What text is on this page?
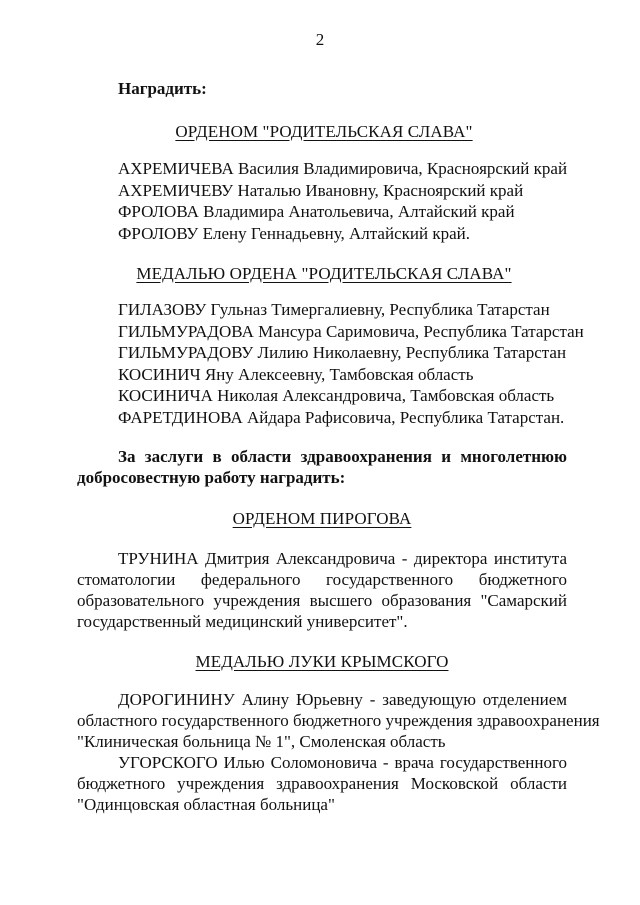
2
Наградить:
ОРДЕНОМ "РОДИТЕЛЬСКАЯ СЛАВА"
АХРЕМИЧЕВА Василия Владимировича, Красноярский край
АХРЕМИЧЕВУ Наталью Ивановну, Красноярский край
ФРОЛОВА Владимира Анатольевича, Алтайский край
ФРОЛОВУ Елену Геннадьевну, Алтайский край.
МЕДАЛЬЮ ОРДЕНА "РОДИТЕЛЬСКАЯ СЛАВА"
ГИЛАЗОВУ Гульназ Тимергалиевну, Республика Татарстан
ГИЛЬМУРАДОВА Мансура Саримовича, Республика Татарстан
ГИЛЬМУРАДОВУ Лилию Николаевну, Республика Татарстан
КОСИНИЧ Яну Алексеевну, Тамбовская область
КОСИНИЧА Николая Александровича, Тамбовская область
ФАРЕТДИНОВА Айдара Рафисовича, Республика Татарстан.
За заслуги в области здравоохранения и многолетнюю
добросовестную работу наградить:
ОРДЕНОМ ПИРОГОВА
ТРУНИНА Дмитрия Александровича - директора института
стоматологии федерального государственного бюджетного
образовательного учреждения высшего образования "Самарский
государственный медицинский университет".
МЕДАЛЬЮ ЛУКИ КРЫМСКОГО
ДОРОГИНИНУ Алину Юрьевну - заведующую отделением
областного государственного бюджетного учреждения здравоохранения
"Клиническая больница № 1", Смоленская область
УГОРСКОГО Илью Соломоновича - врача государственного
бюджетного учреждения здравоохранения Московской области
"Одинцовская областная больница"
